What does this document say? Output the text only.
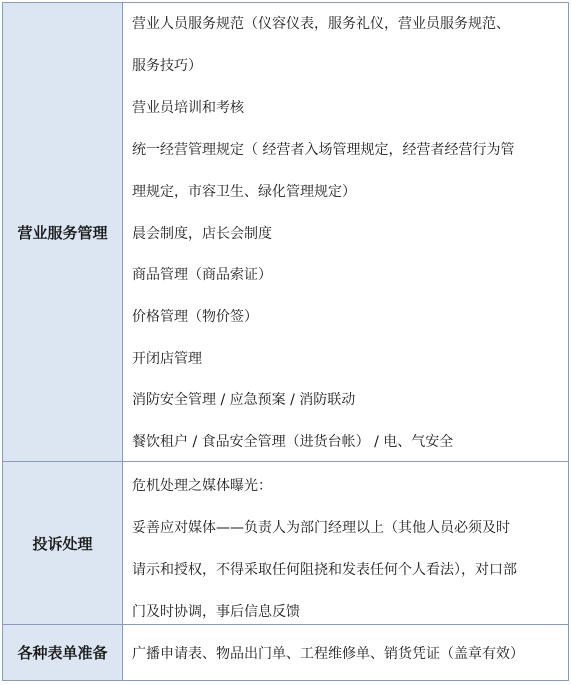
营业服务管理
营业人员服务规范（仪容仪表，服务礼仪，营业员服务规范、
服务技巧）
营业员培训和考核
统一经营管理规定（ 经营者入场管理规定，经营者经营行为管
理规定，市容卫生、绿化管理规定）
晨会制度，店长会制度
商品管理（商品索证）
价格管理（物价签）
开闭店管理
消防安全管理 / 应急预案 / 消防联动
餐饮租户 / 食品安全管理（进货台帐） / 电、气安全
投诉处理
危机处理之媒体曝光：
妥善应对媒体——负责人为部门经理以上（其他人员必须及时
请示和授权，不得采取任何阻挠和发表任何个人看法），对口部
门及时协调，事后信息反馈
各种表单准备	广播申请表、物品出门单、工程维修单、销货凭证（盖章有效）
